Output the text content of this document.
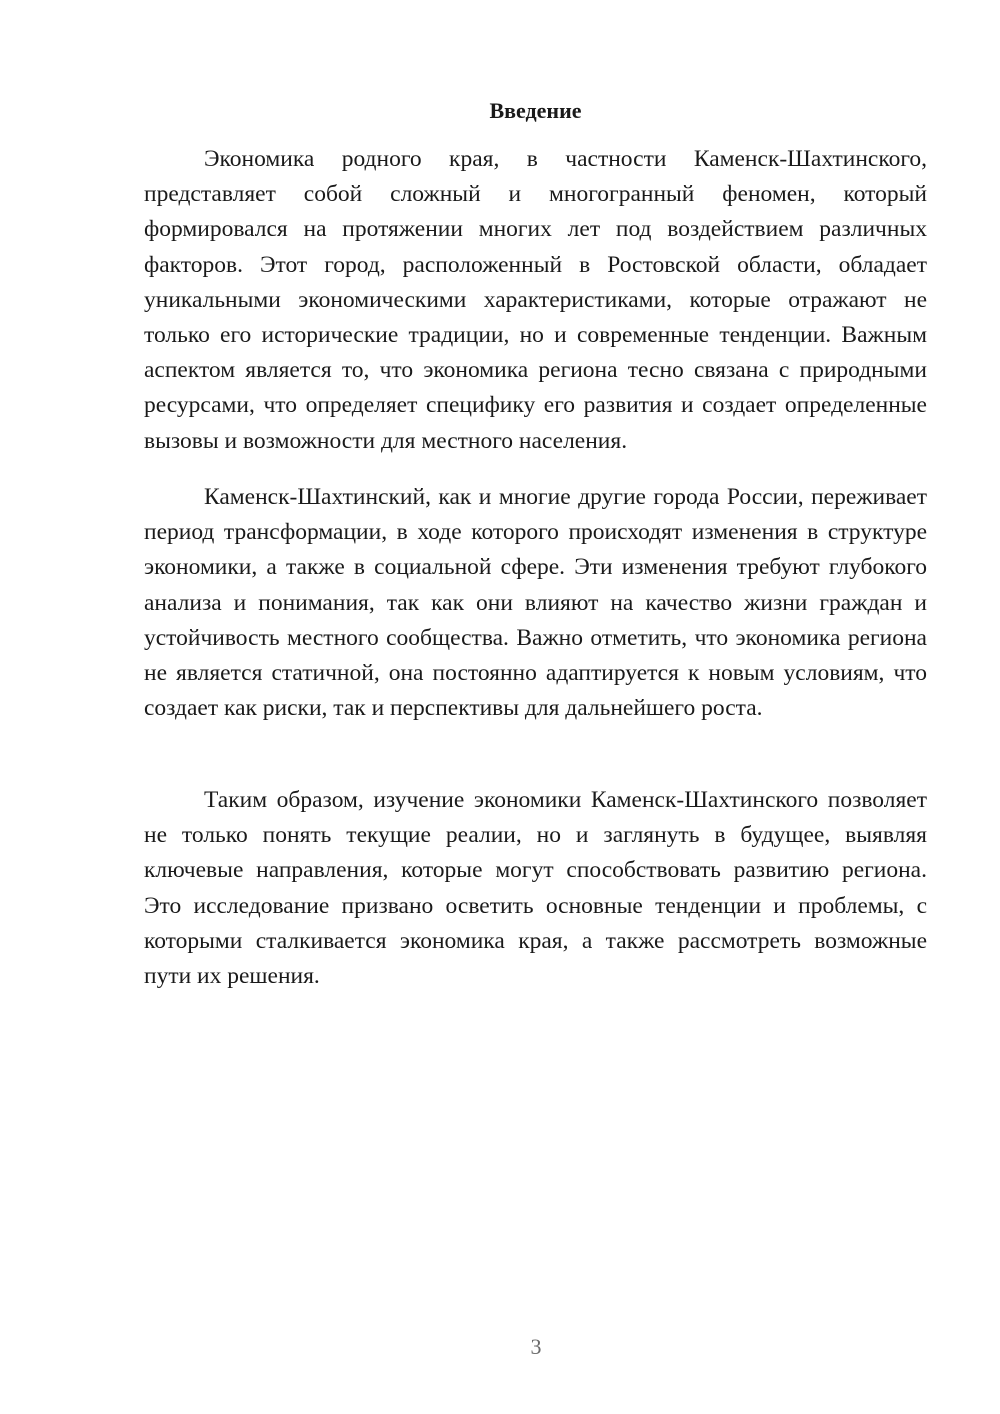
Введение

Экономика родного края, в частности Каменск-Шахтинского, представляет собой сложный и многогранный феномен, который формировался на протяжении многих лет под воздействием различных факторов. Этот город, расположенный в Ростовской области, обладает уникальными экономическими характеристиками, которые отражают не только его исторические традиции, но и современные тенденции. Важным аспектом является то, что экономика региона тесно связана с природными ресурсами, что определяет специфику его развития и создает определенные вызовы и возможности для местного населения.

Каменск-Шахтинский, как и многие другие города России, переживает период трансформации, в ходе которого происходят изменения в структуре экономики, а также в социальной сфере. Эти изменения требуют глубокого анализа и понимания, так как они влияют на качество жизни граждан и устойчивость местного сообщества. Важно отметить, что экономика региона не является статичной, она постоянно адаптируется к новым условиям, что создает как риски, так и перспективы для дальнейшего роста.

Таким образом, изучение экономики Каменск-Шахтинского позволяет не только понять текущие реалии, но и заглянуть в будущее, выявляя ключевые направления, которые могут способствовать развитию региона. Это исследование призвано осветить основные тенденции и проблемы, с которыми сталкивается экономика края, а также рассмотреть возможные пути их решения.

3
